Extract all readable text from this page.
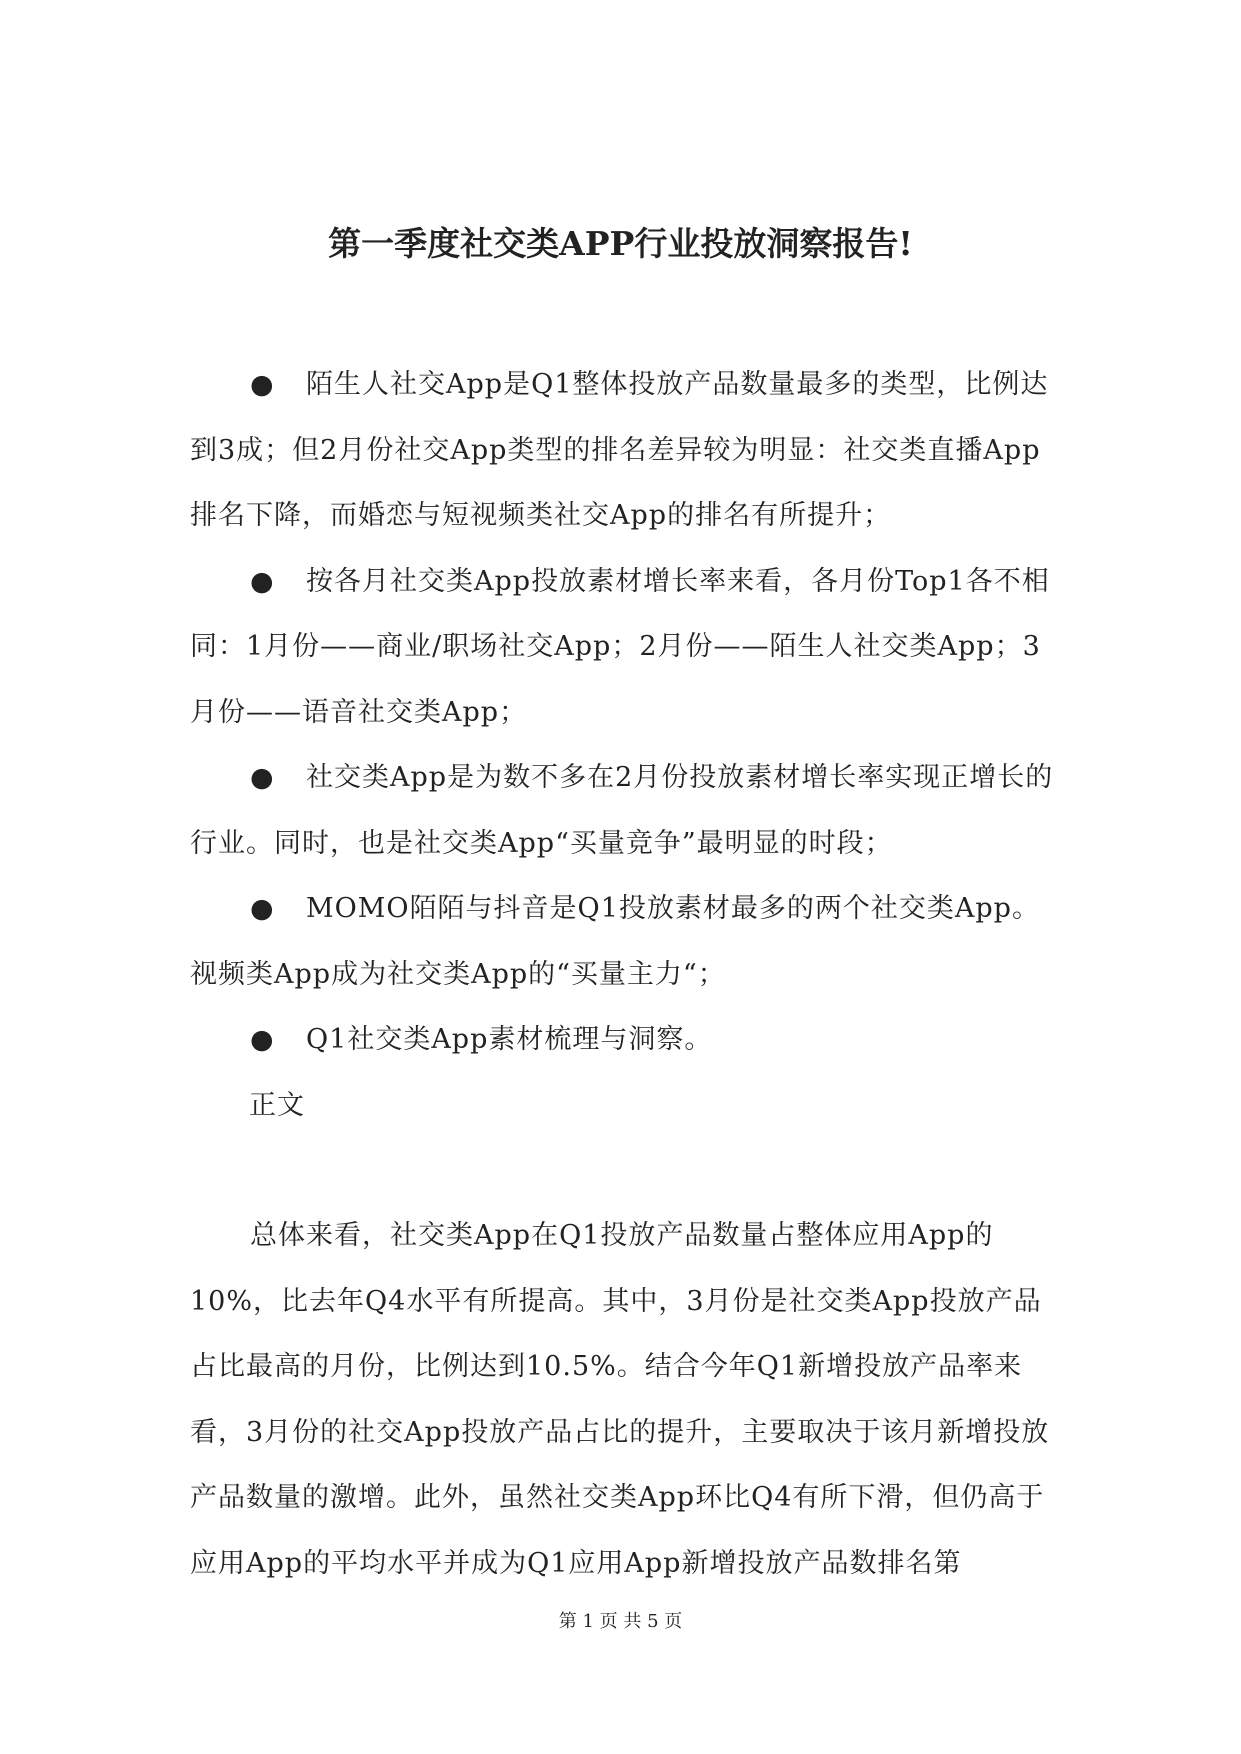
第一季度社交类APP行业投放洞察报告!

● 陌生人社交App是Q1整体投放产品数量最多的类型，比例达到3成；但2月份社交App类型的排名差异较为明显：社交类直播App排名下降，而婚恋与短视频类社交App的排名有所提升；

● 按各月社交类App投放素材增长率来看，各月份Top1各不相同：1月份——商业/职场社交App；2月份——陌生人社交类App；3月份——语音社交类App；

● 社交类App是为数不多在2月份投放素材增长率实现正增长的行业。同时，也是社交类App“买量竞争”最明显的时段；

● MOMO陌陌与抖音是Q1投放素材最多的两个社交类App。视频类App成为社交类App的“买量主力“；

● Q1社交类App素材梳理与洞察。

正文

总体来看，社交类App在Q1投放产品数量占整体应用App的10%，比去年Q4水平有所提高。其中，3月份是社交类App投放产品占比最高的月份，比例达到10.5%。结合今年Q1新增投放产品率来看，3月份的社交App投放产品占比的提升，主要取决于该月新增投放产品数量的激增。此外，虽然社交类App环比Q4有所下滑，但仍高于应用App的平均水平并成为Q1应用App新增投放产品数排名第

第 1 页 共 5 页
